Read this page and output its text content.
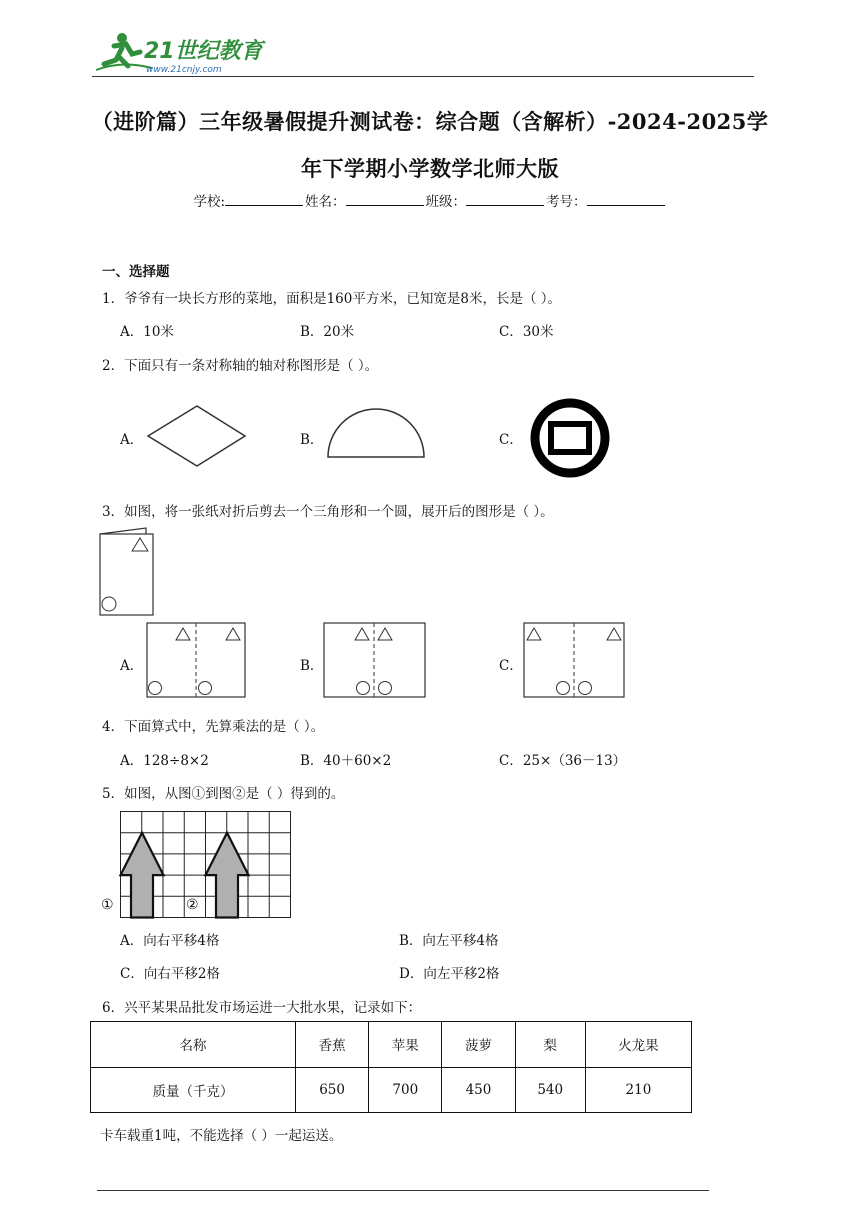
21世纪教育
www.21cnjy.com
（进阶篇）三年级暑假提升测试卷：综合题（含解析）-2024-2025学
年下学期小学数学北师大版
学校:	姓名：	班级：	考号：
一、选择题
1．爷爷有一块长方形的菜地，面积是160平方米，已知宽是8米，长是（ ）。
A．10米	B．20米	C．30米
2．下面只有一条对称轴的轴对称图形是（ ）。
A．	B．	C．
3．如图，将一张纸对折后剪去一个三角形和一个圆，展开后的图形是（ ）。
A．	B．	C．
4．下面算式中，先算乘法的是（ ）。
A．128÷8×2	B．40＋60×2	C．25×（36－13）
5．如图，从图①到图②是（ ）得到的。
①	②
A．向右平移4格	B．向左平移4格
C．向右平移2格	D．向左平移2格
6．兴平某果品批发市场运进一大批水果，记录如下：
名称	香蕉	苹果	菠萝	梨	火龙果
质量（千克）	650	700	450	540	210
卡车载重1吨，不能选择（ ）一起运送。
